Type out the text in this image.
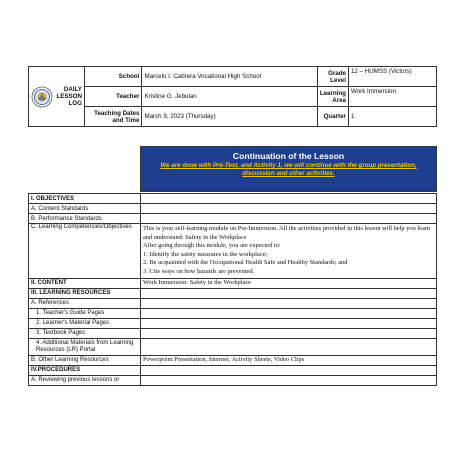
DAILY
LESSON
LOG	School	Marcelo I. Cabrera Vocational High School	Grade Level	12 – HUMSS (Victors)
	Teacher	Kristine G. Jebulan	Learning Area	Work Immersion
	Teaching Dates and Time	March 9, 2023 (Thursday)	Quarter	1
Continuation of the Lesson
We are done with Pre-Test, and Activity 1, we will continue with the group presentation, discussion and other activities.
I. OBJECTIVES	
A. Content Standards	
B. Performance Standards	
C. Learning Competencies/Objectives	This is your self-learning module on Pre-Immersion. All the activities provided in this lesson will help you learn and understand: Safety in the Workplace
After going through this module, you are expected to:
1. Identify the safety measures in the workplace;
2. Be acquainted with the Occupational Health Safe and Healthy Standards; and
3. Cite ways on how hazards are prevented.

II. CONTENT	Work Immersion: Safety in the Workplace
III. LEARNING RESOURCES	
A. References	
1. Teacher's Guide Pages	
2. Learner's Material Pages	
3. Textbook Pages	
4. Additional Materials from Learning Resources (LR) Portal	
B. Other Learning Resources	Powerpoint Presentation, Internet, Activity Sheets, Video Clips
IV.PROCEDURES	
A. Reviewing previous lessons or	
